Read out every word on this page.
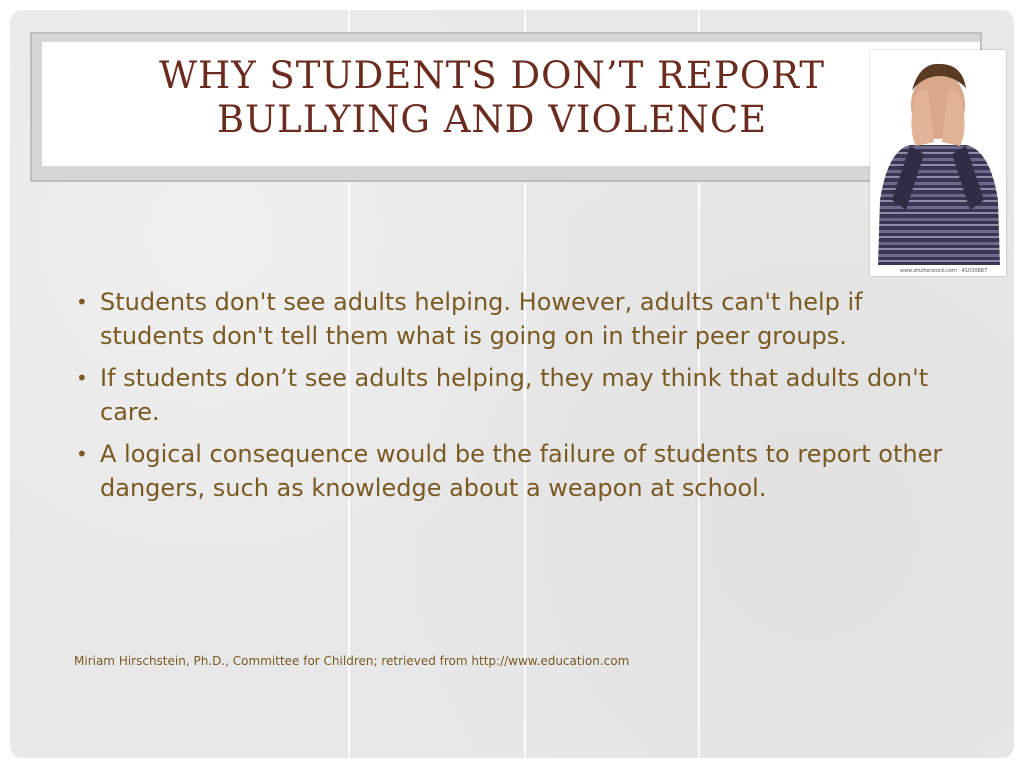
WHY STUDENTS DON’T REPORT
BULLYING AND VIOLENCE
www.shutterstock.com · 41030887
• Students don't see adults helping. However, adults can't help if students don't tell them what is going on in their peer groups.
• If students don’t see adults helping, they may think that adults don't care.
• A logical consequence would be the failure of students to report other dangers, such as knowledge about a weapon at school.

Miriam Hirschstein, Ph.D., Committee for Children; retrieved from http://www.education.com
